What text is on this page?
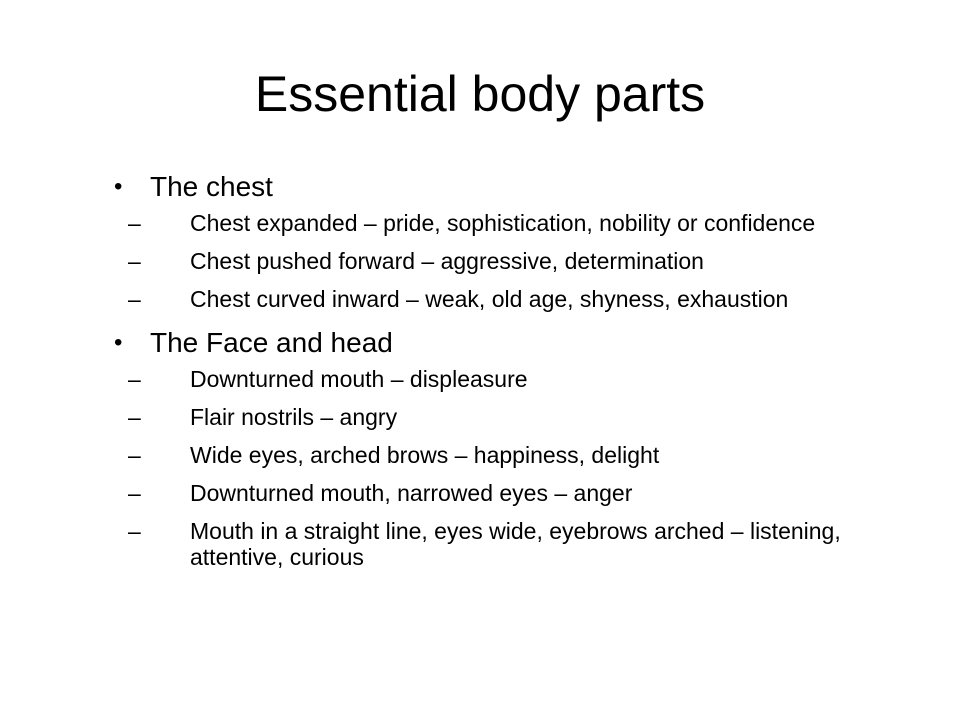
Essential body parts
• The chest
– Chest expanded – pride, sophistication, nobility or confidence
– Chest pushed forward – aggressive, determination
– Chest curved inward – weak, old age, shyness, exhaustion
• The Face and head
– Downturned mouth – displeasure
– Flair nostrils – angry
– Wide eyes, arched brows – happiness, delight
– Downturned mouth, narrowed eyes – anger
– Mouth in a straight line, eyes wide, eyebrows arched – listening, attentive, curious
